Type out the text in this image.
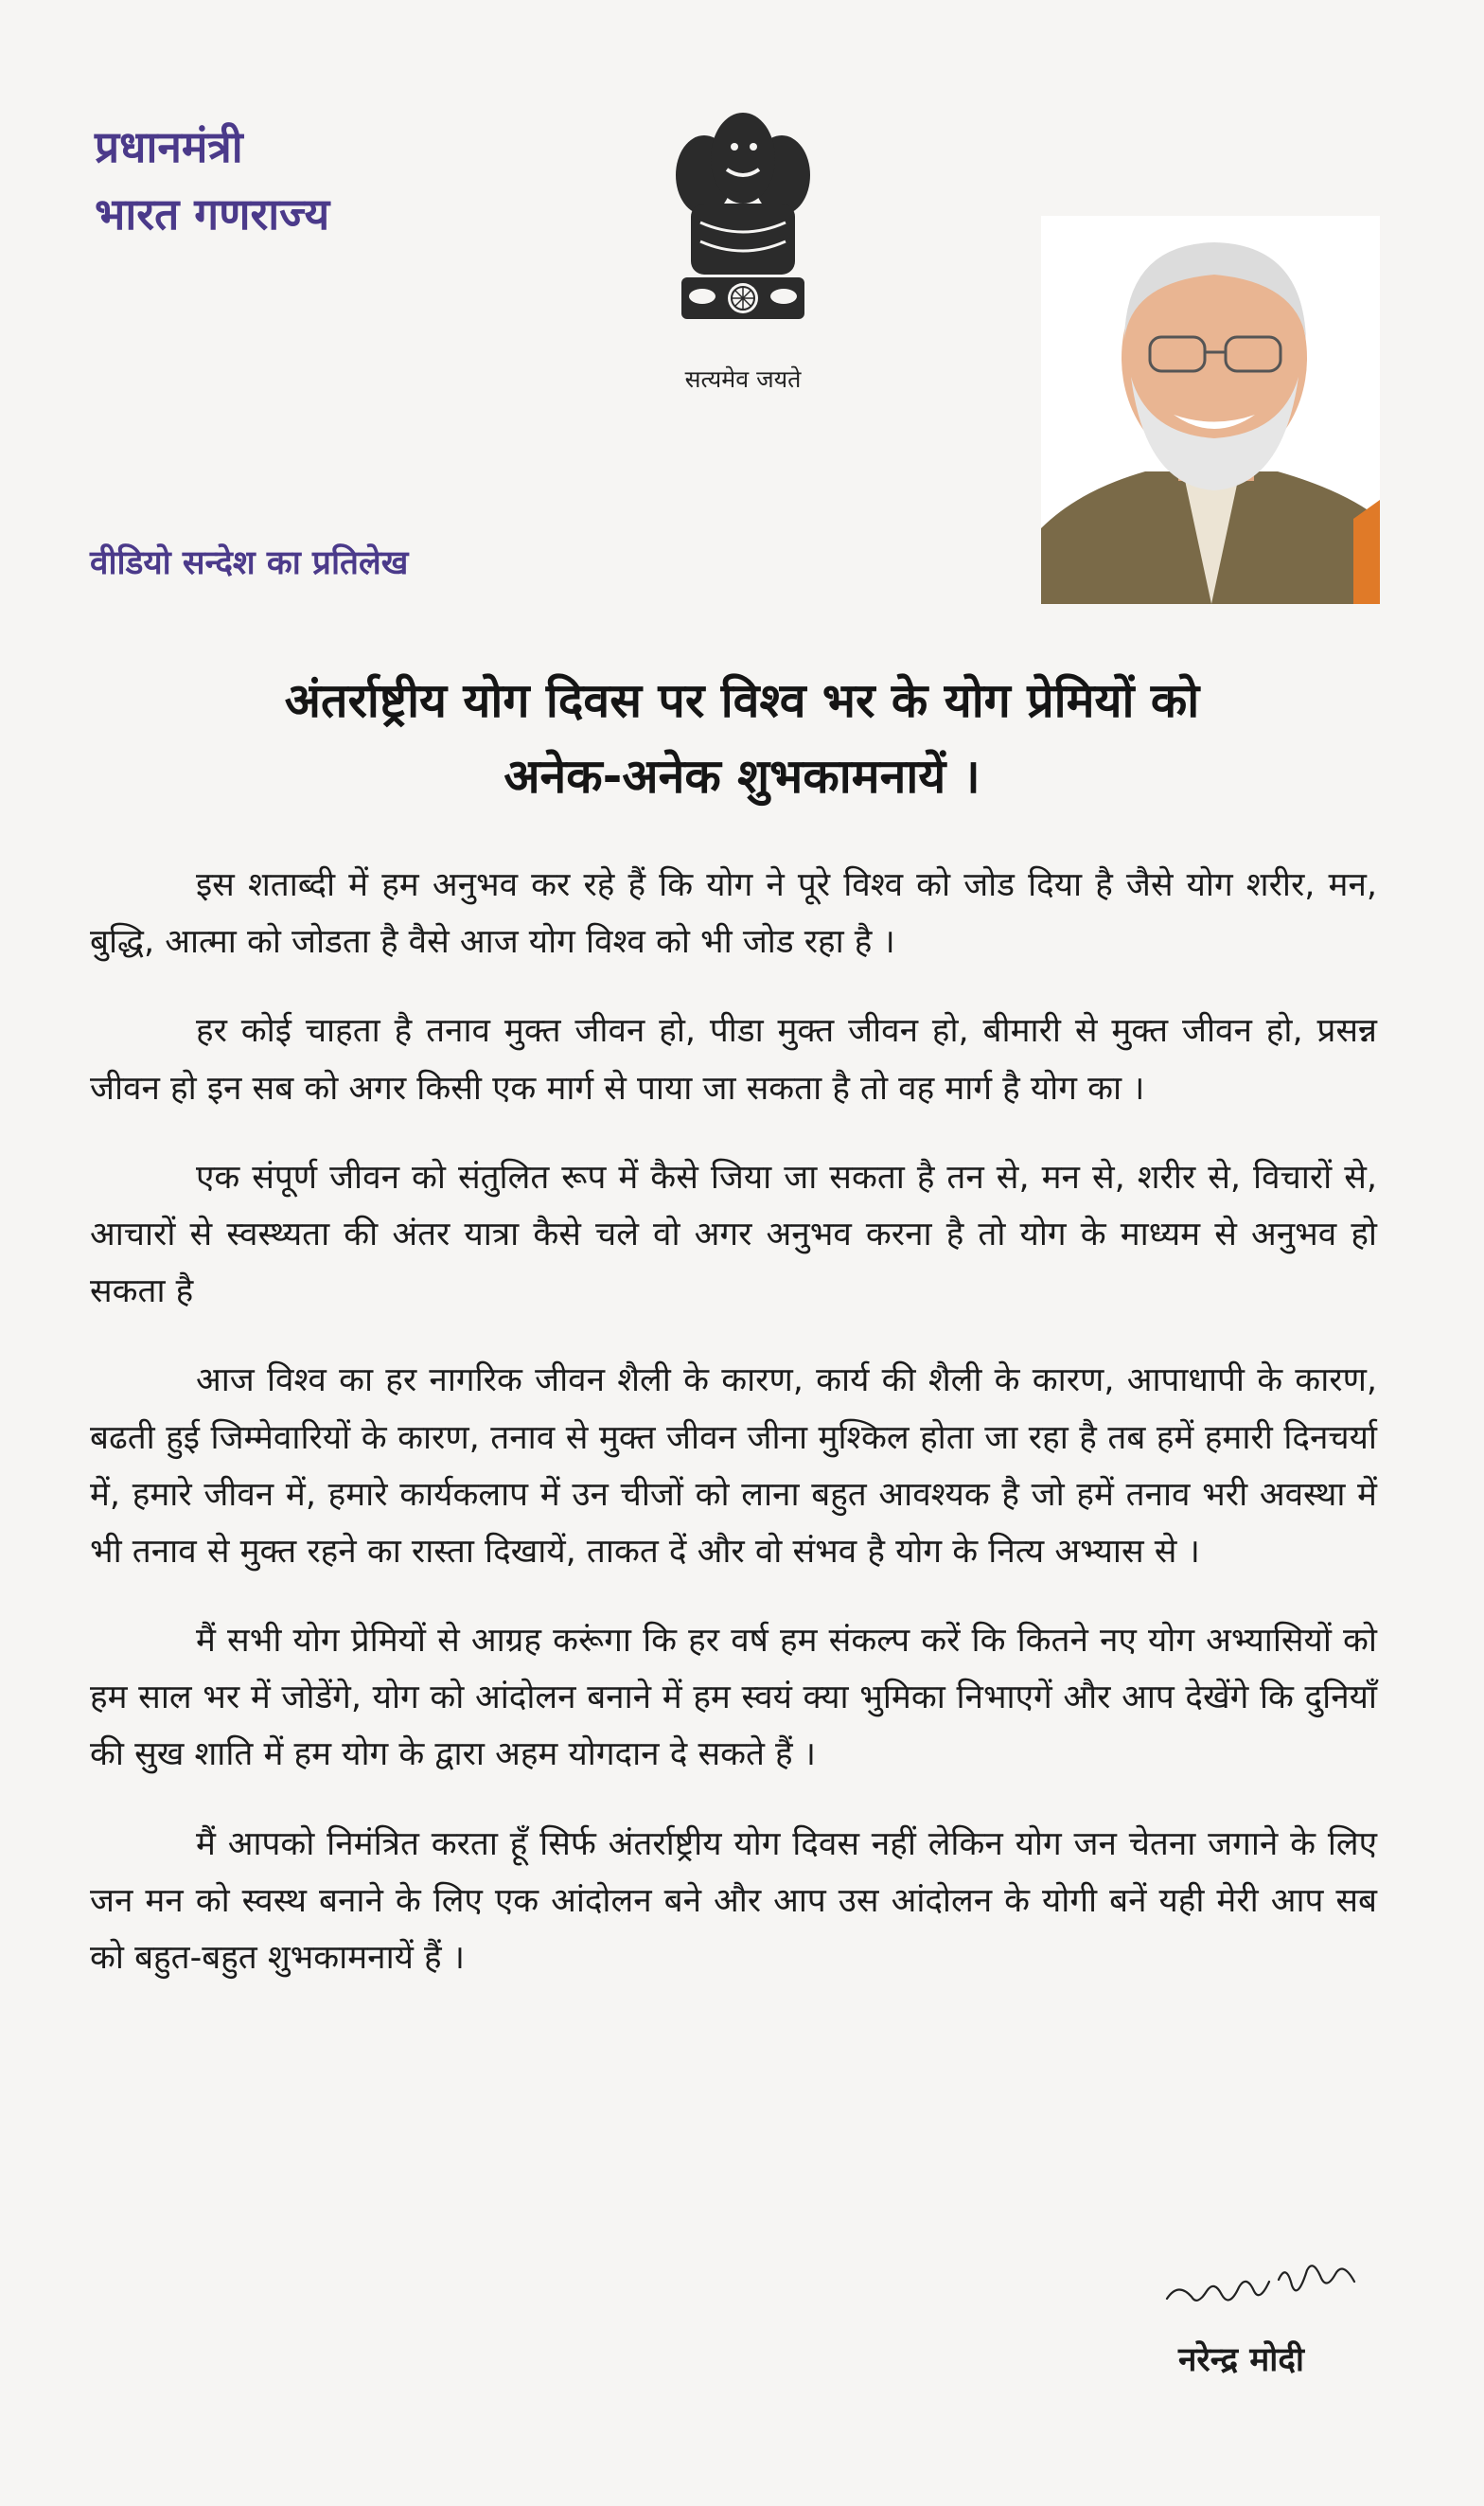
प्रधानमंत्री
भारत गणराज्य
सत्यमेव जयते
वीडियो सन्देश का प्रतिलेख
अंतर्राष्ट्रीय योग दिवस पर विश्व भर के योग प्रेमियों को
अनेक-अनेक शुभकामनायें ।

इस शताब्दी में हम अनुभव कर रहे हैं कि योग ने पूरे विश्व को जोड दिया है जैसे योग शरीर, मन, बुद्धि, आत्मा को जोडता है वैसे आज योग विश्व को भी जोड रहा है ।

हर कोई चाहता है तनाव मुक्त जीवन हो, पीडा मुक्त जीवन हो, बीमारी से मुक्त जीवन हो, प्रसन्न जीवन हो इन सब को अगर किसी एक मार्ग से पाया जा सकता है तो वह मार्ग है योग का ।

एक संपूर्ण जीवन को संतुलित रूप में कैसे जिया जा सकता है तन से, मन से, शरीर से, विचारों से, आचारों से स्वस्थ्यता की अंतर यात्रा कैसे चले वो अगर अनुभव करना है तो योग के माध्यम से अनुभव हो सकता है

आज विश्व का हर नागरिक जीवन शैली के कारण, कार्य की शैली के कारण, आपाधापी के कारण, बढती हुई जिम्मेवारियों के कारण, तनाव से मुक्त जीवन जीना मुश्किल होता जा रहा है तब हमें हमारी दिनचर्या में, हमारे जीवन में, हमारे कार्यकलाप में उन चीजों को लाना बहुत आवश्यक है जो हमें तनाव भरी अवस्था में भी तनाव से मुक्त रहने का रास्ता दिखायें, ताकत दें और वो संभव है योग के नित्य अभ्यास से ।

मैं सभी योग प्रेमियों से आग्रह करूंगा कि हर वर्ष हम संकल्प करें कि कितने नए योग अभ्यासियों को हम साल भर में जोडेंगे, योग को आंदोलन बनाने में हम स्वयं क्या भुमिका निभाएगें और आप देखेंगे कि दुनियाँ की सुख शाति में हम योग के द्वारा अहम योगदान दे सकते हैं ।

मैं आपको निमंत्रित करता हूँ सिर्फ अंतर्राष्ट्रीय योग दिवस नहीं लेकिन योग जन चेतना जगाने के लिए जन मन को स्वस्थ बनाने के लिए एक आंदोलन बने और आप उस आंदोलन के योगी बनें यही मेरी आप सब को बहुत-बहुत शुभकामनायें हैं ।

नरेन्द्र मोदी
